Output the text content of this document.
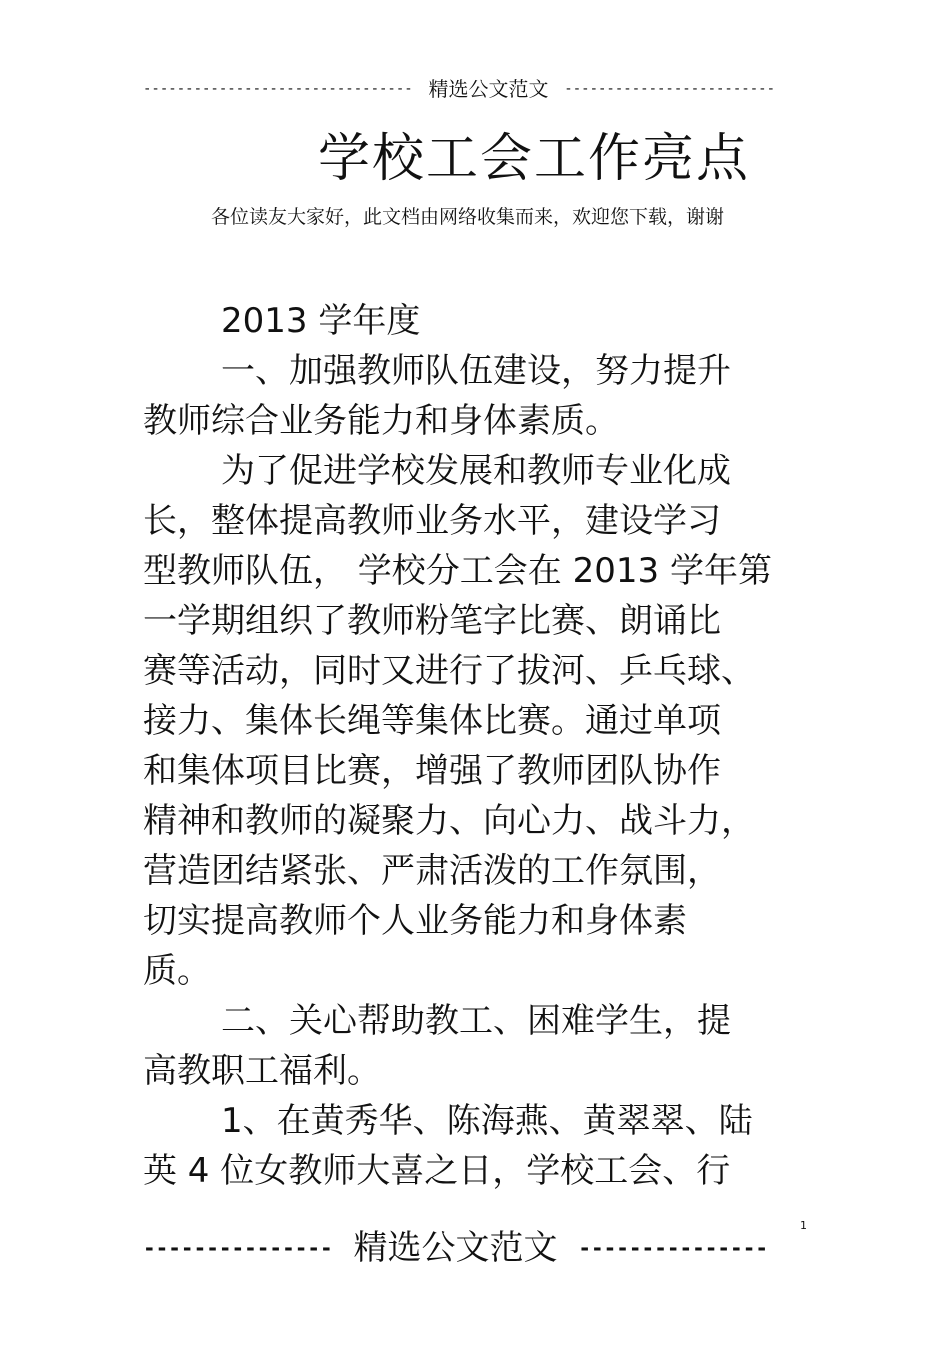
-------------------------------- 精选公文范文 -------------------------
学校工会工作亮点
各位读友大家好，此文档由网络收集而来，欢迎您下载，谢谢
2013 学年度
一、加强教师队伍建设，努力提升
教师综合业务能力和身体素质。
为了促进学校发展和教师专业化成
长，整体提高教师业务水平，建设学习
型教师队伍， 学校分工会在 2013 学年第
一学期组织了教师粉笔字比赛、朗诵比
赛等活动，同时又进行了拔河、乒乓球、
接力、集体长绳等集体比赛。通过单项
和集体项目比赛，增强了教师团队协作
精神和教师的凝聚力、向心力、战斗力，
营造团结紧张、严肃活泼的工作氛围，
切实提高教师个人业务能力和身体素
质。
二、关心帮助教工、困难学生，提
高教职工福利。
1、在黄秀华、陈海燕、黄翠翠、陆
英 4 位女教师大喜之日，学校工会、行
1
--------------- 精选公文范文 ---------------
